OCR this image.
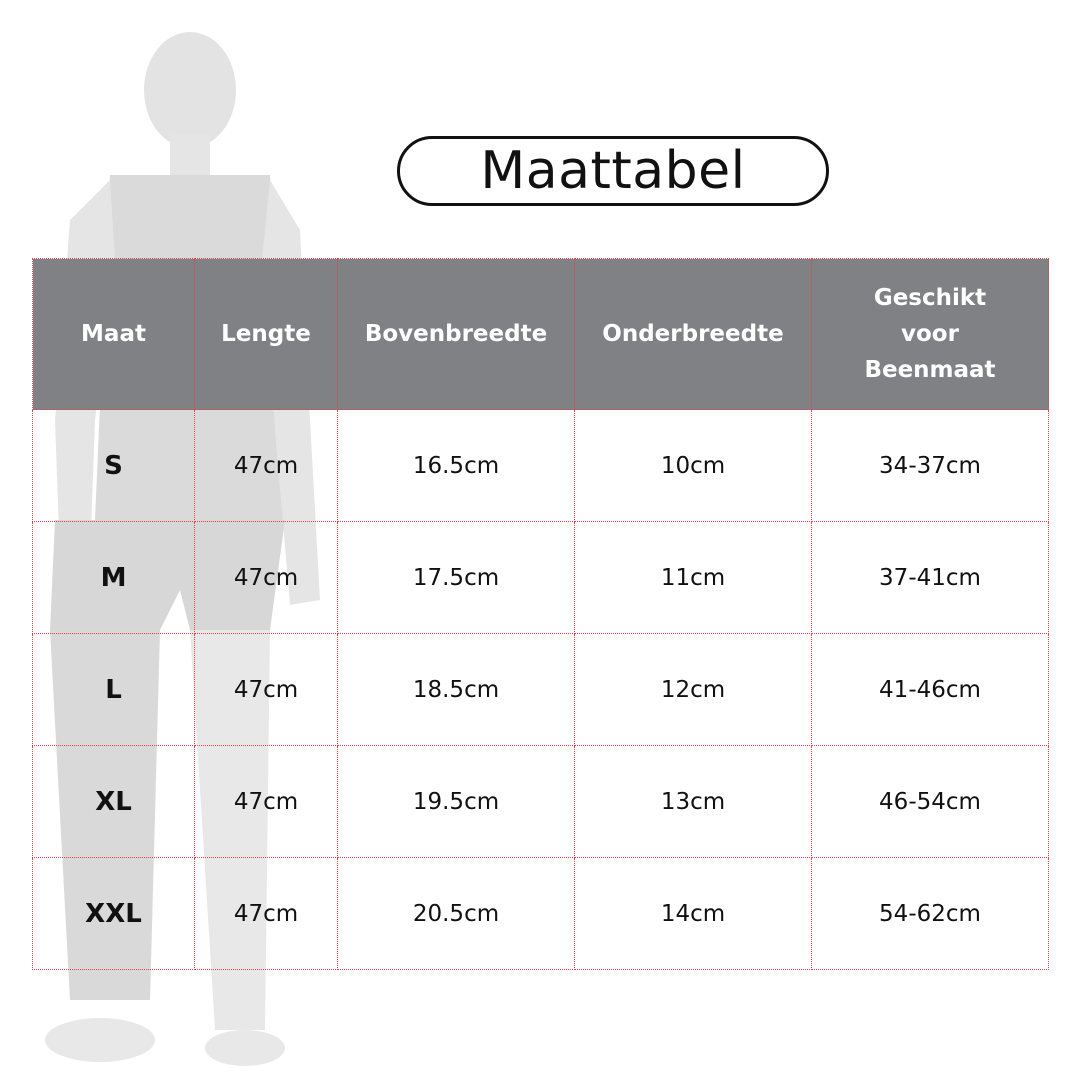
Maattabel
Maat	Lengte	Bovenbreedte	Onderbreedte	Geschikt voor Beenmaat
S	47cm	16.5cm	10cm	34-37cm
M	47cm	17.5cm	11cm	37-41cm
L	47cm	18.5cm	12cm	41-46cm
XL	47cm	19.5cm	13cm	46-54cm
XXL	47cm	20.5cm	14cm	54-62cm
